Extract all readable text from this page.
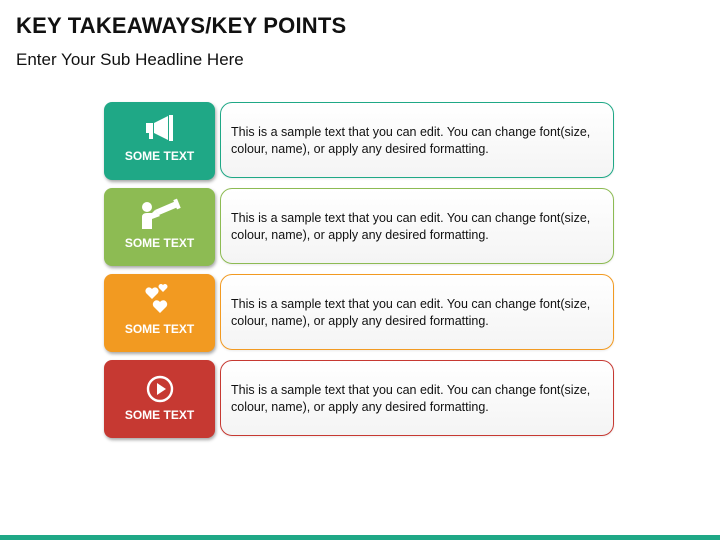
KEY TAKEAWAYS/KEY POINTS
Enter Your Sub Headline Here
SOME TEXT
This is a sample text that you can edit. You can change font(size, colour, name), or apply any desired formatting.
SOME TEXT
This is a sample text that you can edit. You can change font(size, colour, name), or apply any desired formatting.
SOME TEXT
This is a sample text that you can edit. You can change font(size, colour, name), or apply any desired formatting.
SOME TEXT
This is a sample text that you can edit. You can change font(size, colour, name), or apply any desired formatting.
